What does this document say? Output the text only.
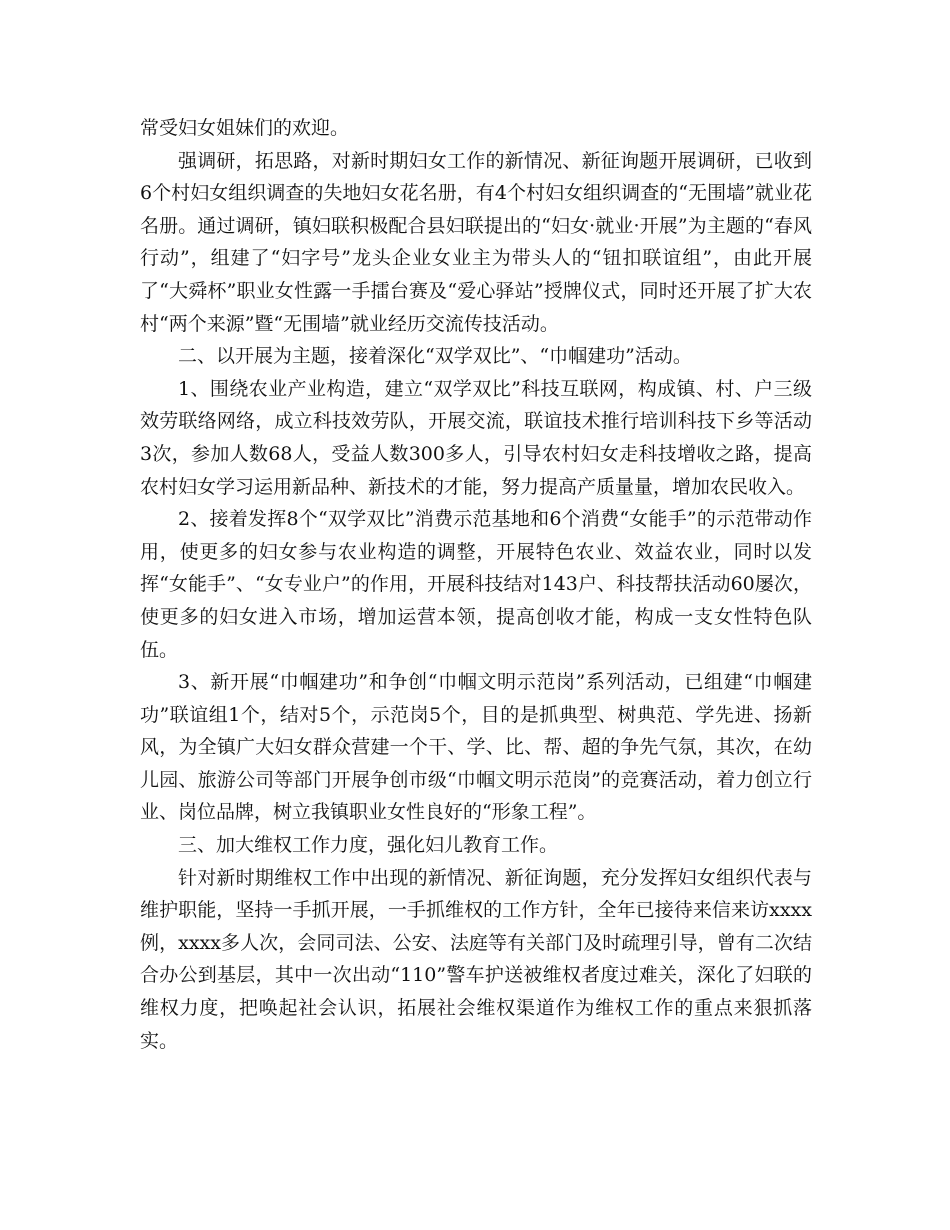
常受妇女姐妹们的欢迎。

强调研，拓思路，对新时期妇女工作的新情况、新征询题开展调研，已收到6个村妇女组织调查的失地妇女花名册，有4个村妇女组织调查的“无围墙”就业花名册。通过调研，镇妇联积极配合县妇联提出的“妇女·就业·开展”为主题的“春风行动”，组建了“妇字号”龙头企业女业主为带头人的“钮扣联谊组”，由此开展了“大舜杯”职业女性露一手擂台赛及“爱心驿站”授牌仪式，同时还开展了扩大农村“两个来源”暨“无围墙”就业经历交流传技活动。

二、以开展为主题，接着深化“双学双比”、“巾帼建功”活动。

1、围绕农业产业构造，建立“双学双比”科技互联网，构成镇、村、户三级效劳联络网络，成立科技效劳队，开展交流，联谊技术推行培训科技下乡等活动3次，参加人数68人，受益人数300多人，引导农村妇女走科技增收之路，提高农村妇女学习运用新品种、新技术的才能，努力提高产质量量，增加农民收入。

2、接着发挥8个“双学双比”消费示范基地和6个消费“女能手”的示范带动作用，使更多的妇女参与农业构造的调整，开展特色农业、效益农业，同时以发挥“女能手”、“女专业户”的作用，开展科技结对143户、科技帮扶活动60屡次，使更多的妇女进入市场，增加运营本领，提高创收才能，构成一支女性特色队伍。

3、新开展“巾帼建功”和争创“巾帼文明示范岗”系列活动，已组建“巾帼建功”联谊组1个，结对5个，示范岗5个，目的是抓典型、树典范、学先进、扬新风，为全镇广大妇女群众营建一个干、学、比、帮、超的争先气氛，其次，在幼儿园、旅游公司等部门开展争创市级“巾帼文明示范岗”的竞赛活动，着力创立行业、岗位品牌，树立我镇职业女性良好的“形象工程”。

三、加大维权工作力度，强化妇儿教育工作。

针对新时期维权工作中出现的新情况、新征询题，充分发挥妇女组织代表与维护职能，坚持一手抓开展，一手抓维权的工作方针，全年已接待来信来访xxxx例，xxxx多人次，会同司法、公安、法庭等有关部门及时疏理引导，曾有二次结合办公到基层，其中一次出动“110”警车护送被维权者度过难关，深化了妇联的维权力度，把唤起社会认识，拓展社会维权渠道作为维权工作的重点来狠抓落实。
